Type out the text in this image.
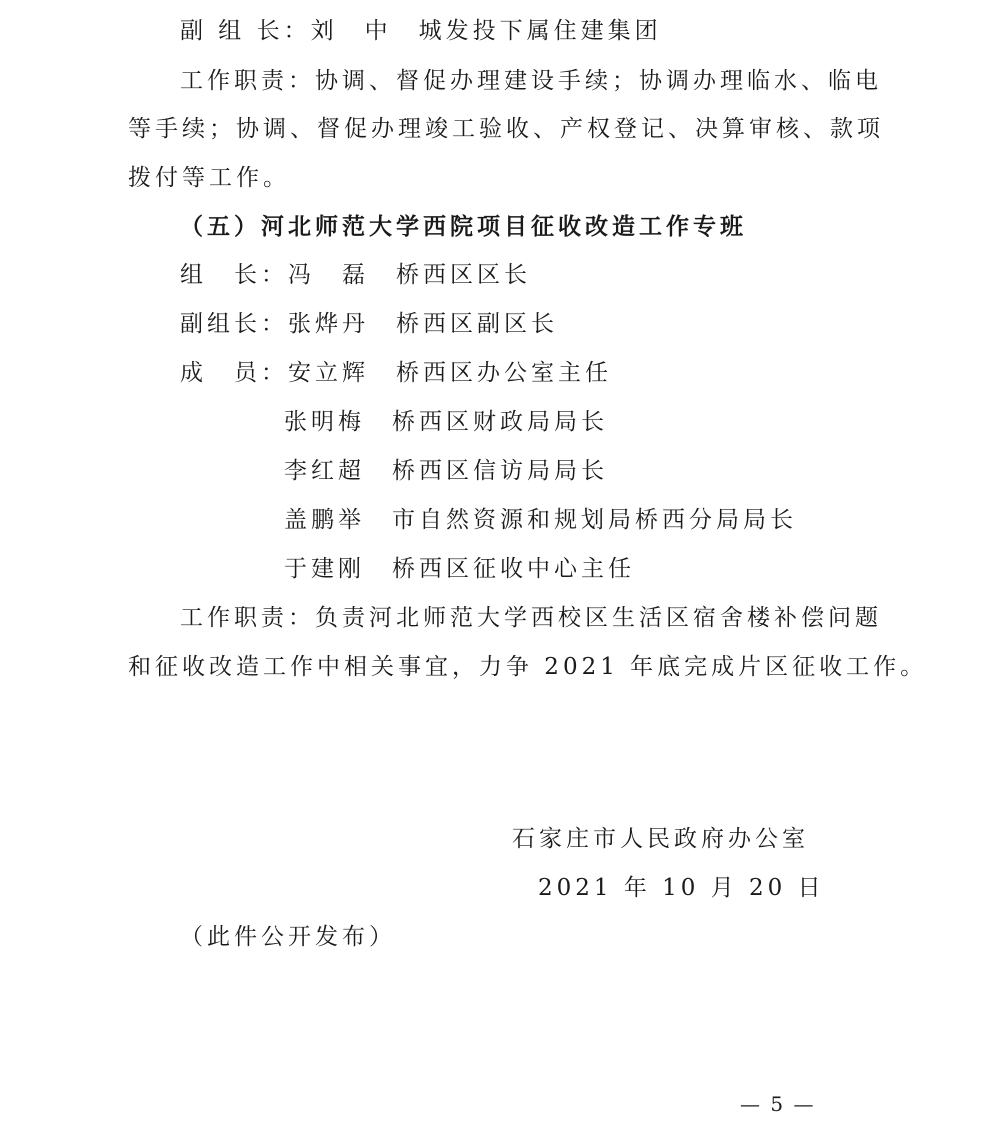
副 组 长：刘　中　城发投下属住建集团
工作职责：协调、督促办理建设手续；协调办理临水、临电
等手续；协调、督促办理竣工验收、产权登记、决算审核、款项
拨付等工作。
（五）河北师范大学西院项目征收改造工作专班
组　长：冯　磊　桥西区区长
副组长：张烨丹　桥西区副区长
成　员：安立辉　桥西区办公室主任
张明梅　桥西区财政局局长
李红超　桥西区信访局局长
盖鹏举　市自然资源和规划局桥西分局局长
于建刚　桥西区征收中心主任
工作职责：负责河北师范大学西校区生活区宿舍楼补偿问题
和征收改造工作中相关事宜，力争 2021 年底完成片区征收工作。
石家庄市人民政府办公室
2021 年 10 月 20 日
（此件公开发布）
— 5 —
